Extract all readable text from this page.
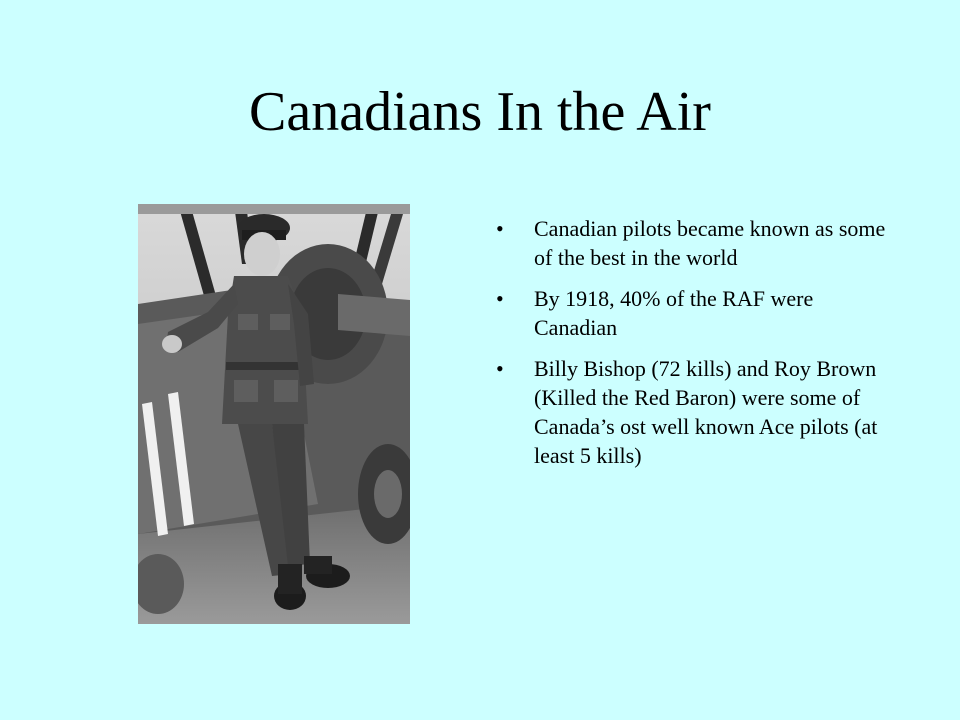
Canadians In the Air
•	Canadian pilots became known as some of the best in the world
•	By 1918, 40% of the RAF were Canadian
•	Billy Bishop (72 kills) and Roy Brown (Killed the Red Baron) were some of Canada’s ost well known Ace pilots (at least 5 kills)
